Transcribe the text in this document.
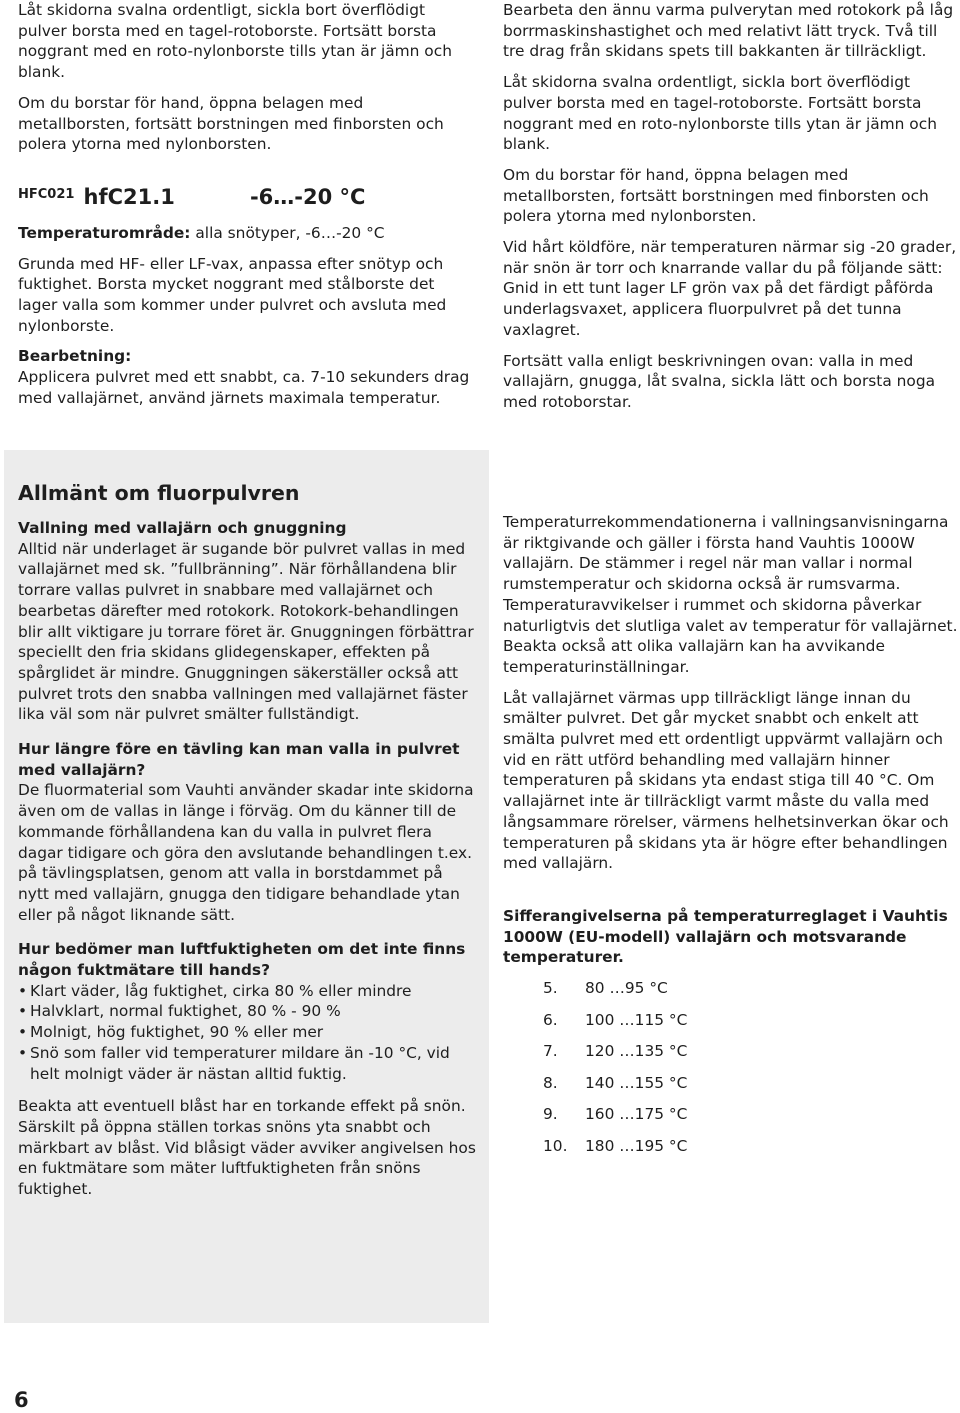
Låt skidorna svalna ordentligt, sickla bort överflödigt pulver borsta med en tagel-rotoborste. Fortsätt borsta noggrant med en roto-nylonborste tills ytan är jämn och blank.

Om du borstar för hand, öppna belagen med metallborsten, fortsätt borstningen med finborsten och polera ytorna med nylonborsten.

$^{HFC021}$ hfC21.1	-6…-20 °C

Temperaturområde: alla snötyper, -6…-20 °C

Grunda med HF- eller LF-vax, anpassa efter snötyp och fuktighet. Borsta mycket noggrant med stålborste det lager valla som kommer under pulvret och avsluta med nylonborste.

Bearbetning:

Applicera pulvret med ett snabbt, ca. 7-10 sekunders drag med vallajärnet, använd järnets maximala temperatur.

Bearbeta den ännu varma pulverytan med rotokork på låg borrmaskinshastighet och med relativt lätt tryck. Två till tre drag från skidans spets till bakkanten är tillräckligt.

Låt skidorna svalna ordentligt, sickla bort överflödigt pulver borsta med en tagel-rotoborste. Fortsätt borsta noggrant med en roto-nylonborste tills ytan är jämn och blank.

Om du borstar för hand, öppna belagen med metallborsten, fortsätt borstningen med finborsten och polera ytorna med nylonborsten.

Vid hårt köldföre, när temperaturen närmar sig -20 grader, när snön är torr och knarrande vallar du på följande sätt: Gnid in ett tunt lager LF grön vax på det färdigt påförda underlagsvaxet, applicera fluorpulvret på det tunna vaxlagret.

Fortsätt valla enligt beskrivningen ovan: valla in med vallajärn, gnugga, låt svalna, sickla lätt och borsta noga med rotoborstar.

Allmänt om fluorpulvren

Vallning med vallajärn och gnuggning

Alltid när underlaget är sugande bör pulvret vallas in med vallajärnet med sk. ”fullbränning”. När förhållandena blir torrare vallas pulvret in snabbare med vallajärnet och bearbetas därefter med rotokork. Rotokork-behandlingen blir allt viktigare ju torrare föret är. Gnuggningen förbättrar speciellt den fria skidans glidegenskaper, effekten på spårglidet är mindre. Gnuggningen säkerställer också att pulvret trots den snabba vallningen med vallajärnet fäster lika väl som när pulvret smälter fullständigt.

Hur längre före en tävling kan man valla in pulvret med vallajärn?

De fluormaterial som Vauhti använder skadar inte skidorna även om de vallas in länge i förväg. Om du känner till de kommande förhållandena kan du valla in pulvret flera dagar tidigare och göra den avslutande behandlingen t.ex. på tävlingsplatsen, genom att valla in borstdammet på nytt med vallajärn, gnugga den tidigare behandlade ytan eller på något liknande sätt.

Hur bedömer man luftfuktigheten om det inte finns någon fuktmätare till hands?

• Klart väder, låg fuktighet, cirka 80 % eller mindre
• Halvklart, normal fuktighet, 80 % - 90 %
• Molnigt, hög fuktighet, 90 % eller mer
• Snö som faller vid temperaturer mildare än -10 °C, vid helt molnigt väder är nästan alltid fuktig.

Beakta att eventuell blåst har en torkande effekt på snön. Särskilt på öppna ställen torkas snöns yta snabbt och märkbart av blåst. Vid blåsigt väder avviker angivelsen hos en fuktmätare som mäter luftfuktigheten från snöns fuktighet.

Temperaturrekommendationerna i vallningsanvisningarna är riktgivande och gäller i första hand Vauhtis 1000W vallajärn. De stämmer i regel när man vallar i normal rumstemperatur och skidorna också är rumsvarma. Temperaturavvikelser i rummet och skidorna påverkar naturligtvis det slutliga valet av temperatur för vallajärnet. Beakta också att olika vallajärn kan ha avvikande temperaturinställningar.

Låt vallajärnet värmas upp tillräckligt länge innan du smälter pulvret. Det går mycket snabbt och enkelt att smälta pulvret med ett ordentligt uppvärmt vallajärn och vid en rätt utförd behandling med vallajärn hinner temperaturen på skidans yta endast stiga till 40 °C. Om vallajärnet inte är tillräckligt varmt måste du valla med långsammare rörelser, värmens helhetsinverkan ökar och temperaturen på skidans yta är högre efter behandlingen med vallajärn.

Sifferangivelserna på temperaturreglaget i Vauhtis 1000W (EU-modell) vallajärn och motsvarande temperaturer.

5.	80 …95 °C
6.	100 …115 °C
7.	120 …135 °C
8.	140 …155 °C
9.	160 …175 °C
10.	180 …195 °C
6
